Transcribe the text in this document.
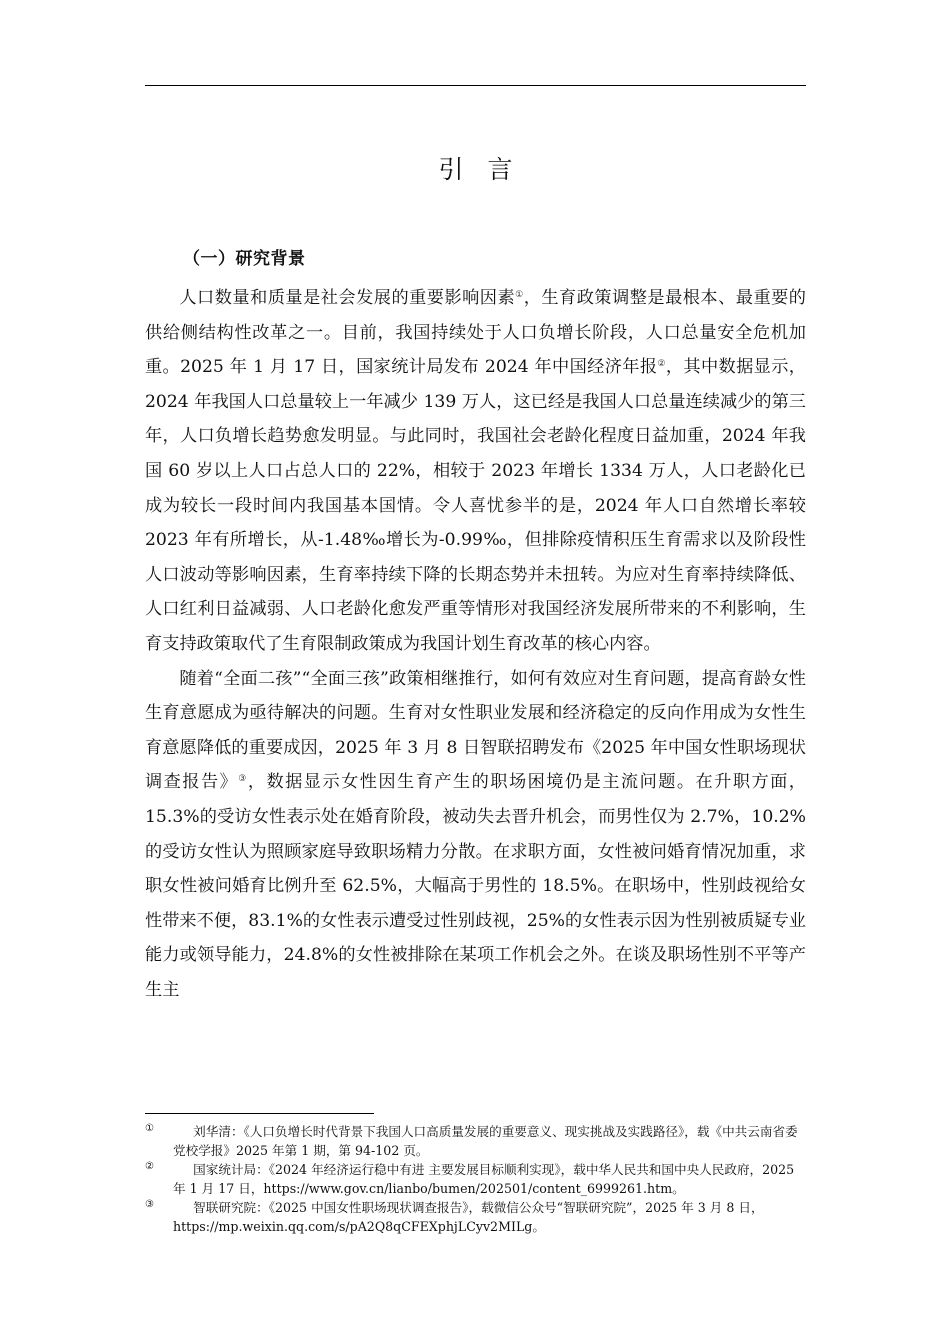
引言
（一）研究背景

人口数量和质量是社会发展的重要影响因素①，生育政策调整是最根本、最重要的供给侧结构性改革之一。目前，我国持续处于人口负增长阶段，人口总量安全危机加重。2025 年 1 月 17 日，国家统计局发布 2024 年中国经济年报②，其中数据显示，2024 年我国人口总量较上一年减少 139 万人，这已经是我国人口总量连续减少的第三年，人口负增长趋势愈发明显。与此同时，我国社会老龄化程度日益加重，2024 年我国 60 岁以上人口占总人口的 22%，相较于 2023 年增长 1334 万人，人口老龄化已成为较长一段时间内我国基本国情。令人喜忧参半的是，2024 年人口自然增长率较 2023 年有所增长，从-1.48‰增长为-0.99‰，但排除疫情积压生育需求以及阶段性人口波动等影响因素，生育率持续下降的长期态势并未扭转。为应对生育率持续降低、人口红利日益减弱、人口老龄化愈发严重等情形对我国经济发展所带来的不利影响，生育支持政策取代了生育限制政策成为我国计划生育改革的核心内容。

随着“全面二孩”“全面三孩”政策相继推行，如何有效应对生育问题，提高育龄女性生育意愿成为亟待解决的问题。生育对女性职业发展和经济稳定的反向作用成为女性生育意愿降低的重要成因，2025 年 3 月 8 日智联招聘发布《2025 年中国女性职场现状调查报告》③，数据显示女性因生育产生的职场困境仍是主流问题。在升职方面，15.3%的受访女性表示处在婚育阶段，被动失去晋升机会，而男性仅为 2.7%，10.2%的受访女性认为照顾家庭导致职场精力分散。在求职方面，女性被问婚育情况加重，求职女性被问婚育比例升至 62.5%，大幅高于男性的 18.5%。在职场中，性别歧视给女性带来不便，83.1%的女性表示遭受过性别歧视，25%的女性表示因为性别被质疑专业能力或领导能力，24.8%的女性被排除在某项工作机会之外。在谈及职场性别不平等产生主

①	刘华清：《人口负增长时代背景下我国人口高质量发展的重要意义、现实挑战及实践路径》，载《中共云南省委党校学报》2025 年第 1 期，第 94-102 页。

②	国家统计局：《2024 年经济运行稳中有进 主要发展目标顺利实现》，载中华人民共和国中央人民政府，2025 年 1 月 17 日，https://www.gov.cn/lianbo/bumen/202501/content_6999261.htm。

③	智联研究院：《2025 中国女性职场现状调查报告》，载微信公众号“智联研究院”，2025 年 3 月 8 日，https://mp.weixin.qq.com/s/pA2Q8qCFEXphjLCyv2MILg。
